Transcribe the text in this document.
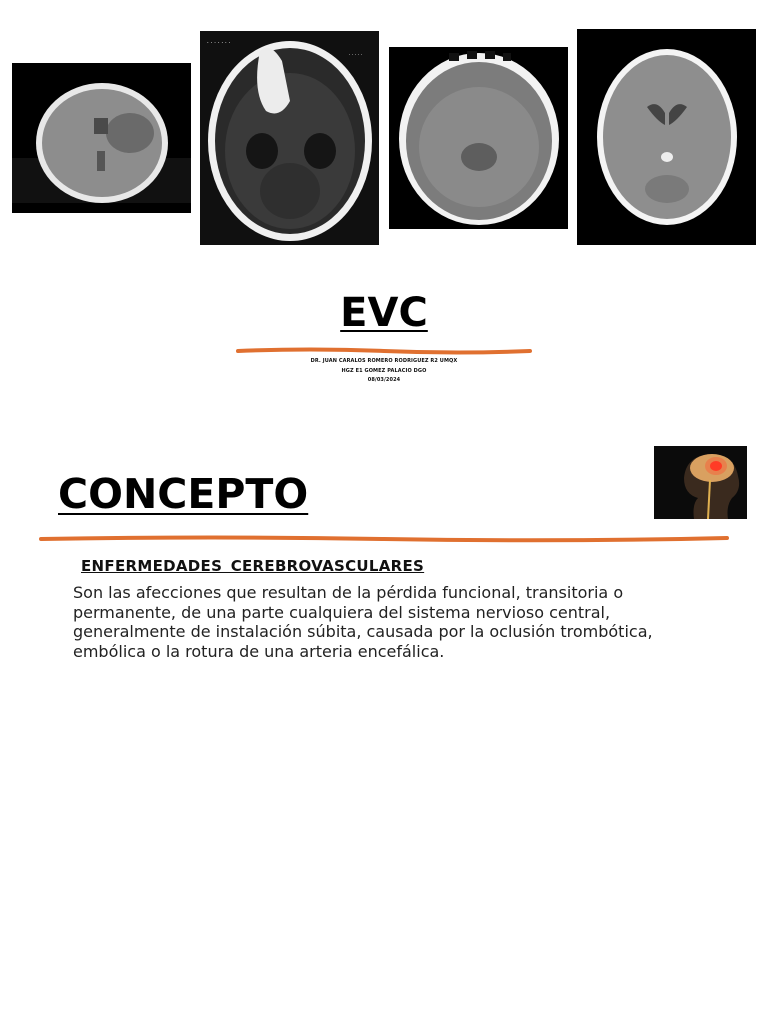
.......
.....
EVC
DR. JUAN CARALOS ROMERO RODRIGUEZ R2 UMQX
HGZ E1 GOMEZ PALACIO DGO
08/03/2024
CONCEPTO
ENFERMEDADES CEREBROVASCULARES
Son las afecciones que resultan de la pérdida funcional, transitoria o
permanente, de una parte cualquiera del sistema nervioso central,
generalmente de instalación súbita, causada por la oclusión trombótica,
embólica o la rotura de una arteria encefálica.
